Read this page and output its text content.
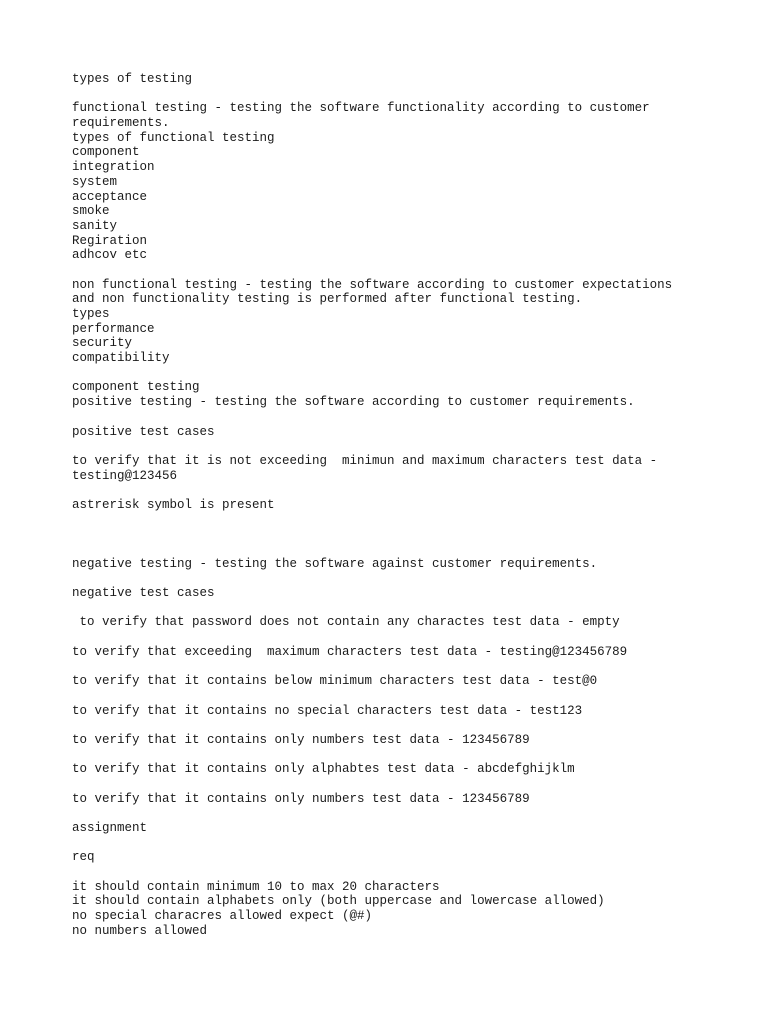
types of testing
functional testing - testing the software functionality according to customer
requirements.
types of functional testing
component
integration
system
acceptance
smoke
sanity
Regiration
adhcov etc
non functional testing - testing the software according to customer expectations
and non functionality testing is performed after functional testing.
types
performance
security
compatibility
component testing
positive testing - testing the software according to customer requirements.
positive test cases
to verify that it is not exceeding  minimun and maximum characters test data -
testing@123456
astrerisk symbol is present
negative testing - testing the software against customer requirements.
negative test cases
to verify that password does not contain any charactes test data - empty
to verify that exceeding  maximum characters test data - testing@123456789
to verify that it contains below minimum characters test data - test@0
to verify that it contains no special characters test data - test123
to verify that it contains only numbers test data - 123456789
to verify that it contains only alphabtes test data - abcdefghijklm
to verify that it contains only numbers test data - 123456789
assignment
req
it should contain minimum 10 to max 20 characters
it should contain alphabets only (both uppercase and lowercase allowed)
no special characres allowed expect (@#)
no numbers allowed
